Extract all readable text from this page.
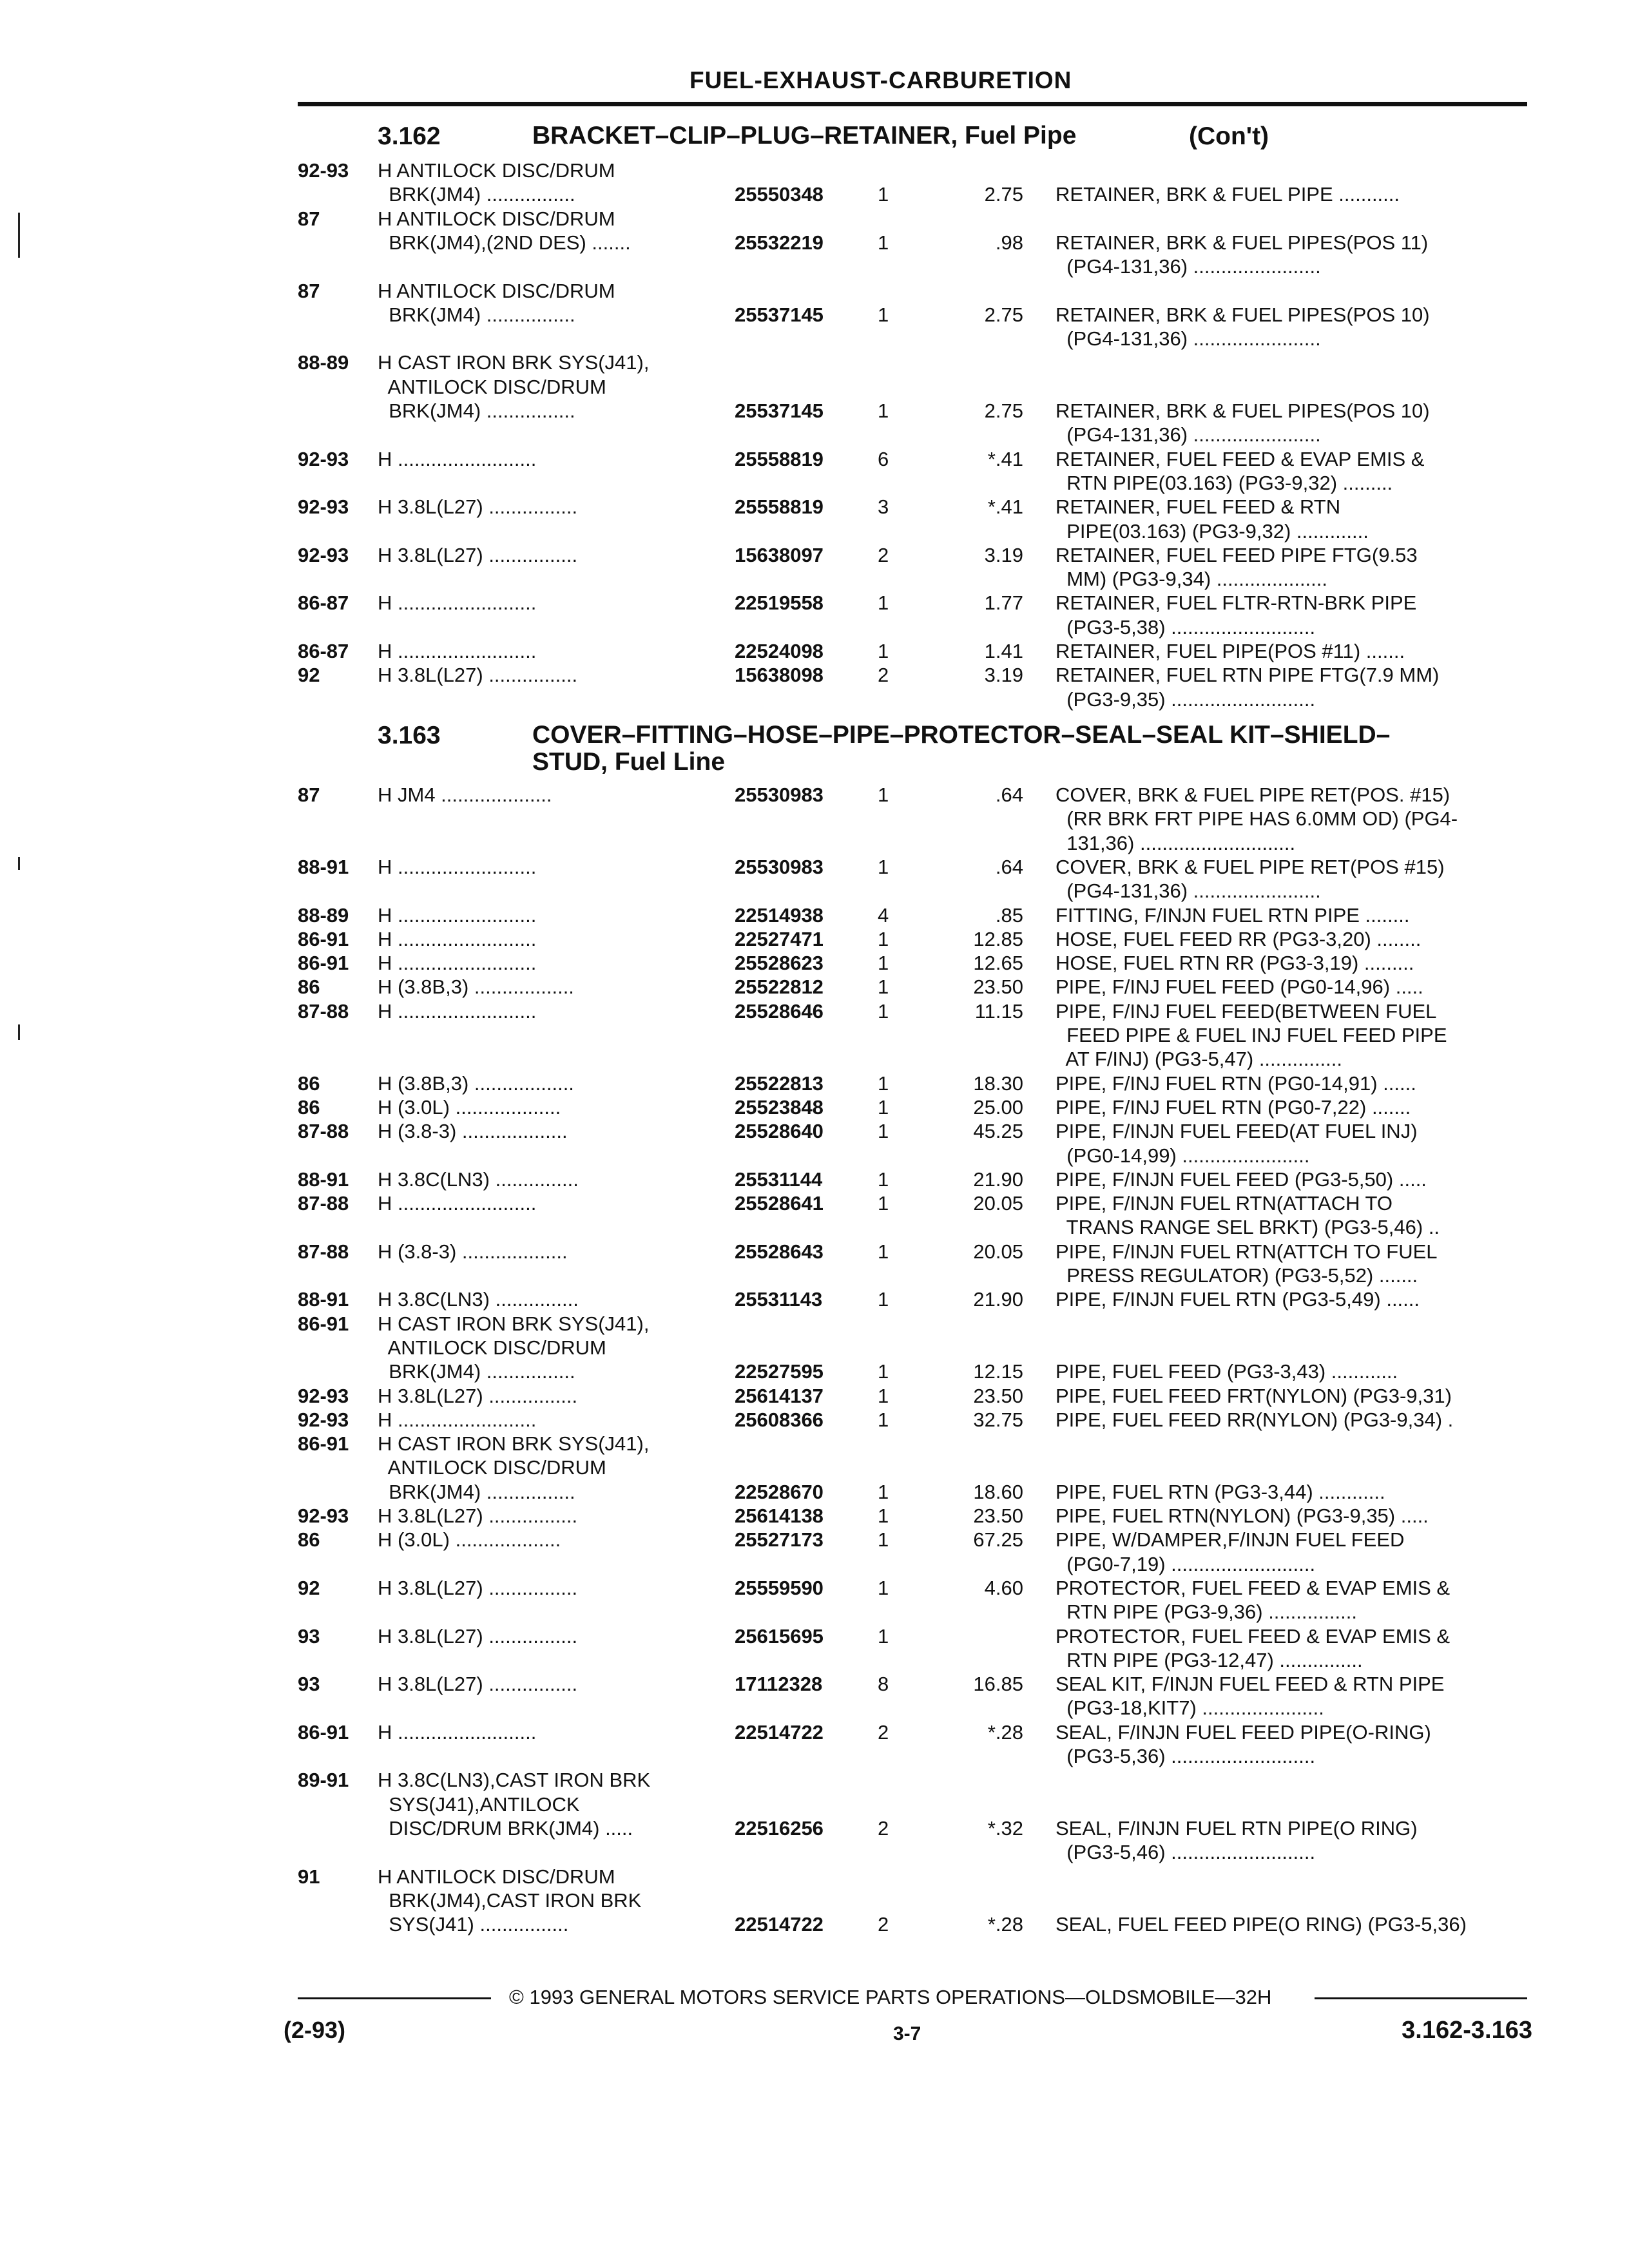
FUEL-EXHAUST-CARBURETION
3.162	BRACKET–CLIP–PLUG–RETAINER, Fuel Pipe	(Con't)
3.163	COVER–FITTING–HOSE–PIPE–PROTECTOR–SEAL–SEAL KIT–SHIELD–STUD, Fuel Line
92-93 H ANTILOCK DISC/DRUM
BRK(JM4) ................	25550348	1	2.75 RETAINER, BRK & FUEL PIPE ...........
87	H ANTILOCK DISC/DRUM
BRK(JM4),(2ND DES) .......	25532219	1	.98 RETAINER, BRK & FUEL PIPES(POS 11)
(PG4-131,36) .......................
87	H ANTILOCK DISC/DRUM
BRK(JM4) ................	25537145	1	2.75 RETAINER, BRK & FUEL PIPES(POS 10)
(PG4-131,36) .......................
88-89 H CAST IRON BRK SYS(J41),
ANTILOCK DISC/DRUM
BRK(JM4) ................	25537145	1	2.75 RETAINER, BRK & FUEL PIPES(POS 10)
(PG4-131,36) .......................
92-93 H .........................	25558819	6	*.41 RETAINER, FUEL FEED & EVAP EMIS &
RTN PIPE(03.163) (PG3-9,32) .........
92-93 H 3.8L(L27) ................	25558819	3	*.41 RETAINER, FUEL FEED & RTN
PIPE(03.163) (PG3-9,32) .............
92-93 H 3.8L(L27) ................	15638097	2	3.19 RETAINER, FUEL FEED PIPE FTG(9.53
MM) (PG3-9,34) ....................
86-87 H .........................	22519558	1	1.77 RETAINER, FUEL FLTR-RTN-BRK PIPE
(PG3-5,38) ..........................
86-87 H .........................	22524098	1	1.41 RETAINER, FUEL PIPE(POS #11) .......
92	H 3.8L(L27) ................	15638098	2	3.19 RETAINER, FUEL RTN PIPE FTG(7.9 MM)
(PG3-9,35) ..........................
87	H JM4 ....................	25530983	1	.64 COVER, BRK & FUEL PIPE RET(POS. #15)
(RR BRK FRT PIPE HAS 6.0MM OD) (PG4-
131,36) ............................
88-91 H .........................	25530983	1	.64 COVER, BRK & FUEL PIPE RET(POS #15)
(PG4-131,36) .......................
88-89 H .........................	22514938	4	.85 FITTING, F/INJN FUEL RTN PIPE ........
86-91 H .........................	22527471	1	12.85 HOSE, FUEL FEED RR (PG3-3,20) ........
86-91 H .........................	25528623	1	12.65 HOSE, FUEL RTN RR (PG3-3,19) .........
86	H (3.8B,3) ..................	25522812	1	23.50 PIPE, F/INJ FUEL FEED (PG0-14,96) .....
87-88 H .........................	25528646	1	11.15 PIPE, F/INJ FUEL FEED(BETWEEN FUEL
FEED PIPE & FUEL INJ FUEL FEED PIPE
AT F/INJ) (PG3-5,47) ...............
86	H (3.8B,3) ..................	25522813	1	18.30 PIPE, F/INJ FUEL RTN (PG0-14,91) ......
86	H (3.0L) ...................	25523848	1	25.00 PIPE, F/INJ FUEL RTN (PG0-7,22) .......
87-88 H (3.8-3) ...................	25528640	1	45.25 PIPE, F/INJN FUEL FEED(AT FUEL INJ)
(PG0-14,99) .......................
88-91 H 3.8C(LN3) ...............	25531144	1	21.90 PIPE, F/INJN FUEL FEED (PG3-5,50) .....
87-88 H .........................	25528641	1	20.05 PIPE, F/INJN FUEL RTN(ATTACH TO
TRANS RANGE SEL BRKT) (PG3-5,46) ..
87-88 H (3.8-3) ...................	25528643	1	20.05 PIPE, F/INJN FUEL RTN(ATTCH TO FUEL
PRESS REGULATOR) (PG3-5,52) .......
88-91 H 3.8C(LN3) ...............	25531143	1	21.90 PIPE, F/INJN FUEL RTN (PG3-5,49) ......
86-91 H CAST IRON BRK SYS(J41),
ANTILOCK DISC/DRUM
BRK(JM4) ................	22527595	1	12.15 PIPE, FUEL FEED (PG3-3,43) ............
92-93 H 3.8L(L27) ................	25614137	1	23.50 PIPE, FUEL FEED FRT(NYLON) (PG3-9,31)
92-93 H .........................	25608366	1	32.75 PIPE, FUEL FEED RR(NYLON) (PG3-9,34) .
86-91 H CAST IRON BRK SYS(J41),
ANTILOCK DISC/DRUM
BRK(JM4) ................	22528670	1	18.60 PIPE, FUEL RTN (PG3-3,44) ............
92-93 H 3.8L(L27) ................	25614138	1	23.50 PIPE, FUEL RTN(NYLON) (PG3-9,35) .....
86	H (3.0L) ...................	25527173	1	67.25 PIPE, W/DAMPER,F/INJN FUEL FEED
(PG0-7,19) ..........................
92	H 3.8L(L27) ................	25559590	1	4.60 PROTECTOR, FUEL FEED & EVAP EMIS &
RTN PIPE (PG3-9,36) ................
93	H 3.8L(L27) ................	25615695	1	PROTECTOR, FUEL FEED & EVAP EMIS &
RTN PIPE (PG3-12,47) ...............
93	H 3.8L(L27) ................	17112328	8	16.85 SEAL KIT, F/INJN FUEL FEED & RTN PIPE
(PG3-18,KIT7) ......................
86-91 H .........................	22514722	2	*.28 SEAL, F/INJN FUEL FEED PIPE(O-RING)
(PG3-5,36) ..........................
89-91 H 3.8C(LN3),CAST IRON BRK
SYS(J41),ANTILOCK
DISC/DRUM BRK(JM4) .....	22516256	2	*.32 SEAL, F/INJN FUEL RTN PIPE(O RING)
(PG3-5,46) ..........................
91	H ANTILOCK DISC/DRUM
BRK(JM4),CAST IRON BRK
SYS(J41) ................	22514722	2	*.28 SEAL, FUEL FEED PIPE(O RING) (PG3-5,36)
© 1993 GENERAL MOTORS SERVICE PARTS OPERATIONS—OLDSMOBILE—32H
(2-93)	3-7	3.162-3.163
